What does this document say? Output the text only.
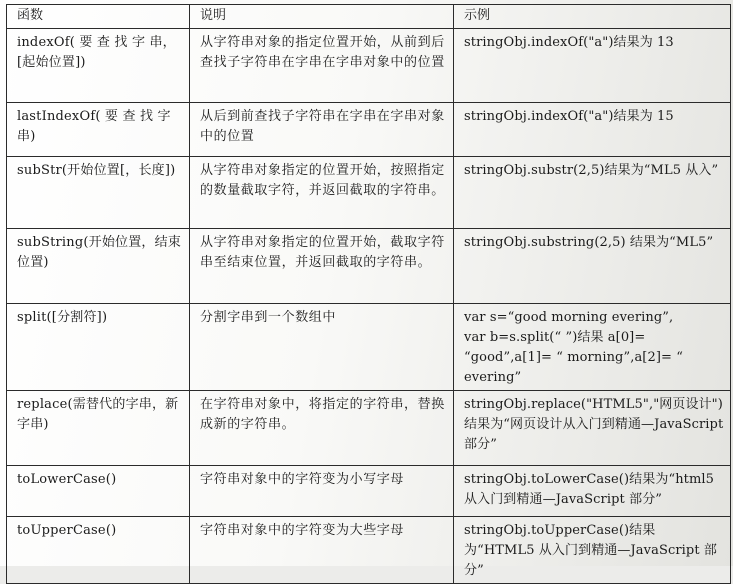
函数	说明	示例
indexOf( 要 查 找 字 串，[起始位置])	从字符串对象的指定位置开始，从前到后查找子字符串在字串在字串对象中的位置	stringObj.indexOf("a")结果为 13

lastIndexOf( 要 查 找 字串)	从后到前查找子字符串在字串在字串对象中的位置	stringObj.indexOf("a")结果为 15

subStr(开始位置[，长度])	从字符串对象指定的位置开始，按照指定的数量截取字符，并返回截取的字符串。	stringObj.substr(2,5)结果为“ML5 从入”

subString(开始位置，结束位置)	从字符串对象指定的位置开始，截取字符串至结束位置，并返回截取的字符串。	stringObj.substring(2,5) 结果为“ML5”

split([分割符])	分割字串到一个数组中	var s=“good morning evering”,
var b=s.split(“ ”)结果 a[0]= “good”,a[1]= “ morning”,a[2]= “ evering”

replace(需替代的字串，新字串)	在字符串对象中，将指定的字符串，替换成新的字符串。	stringObj.replace("HTML5","网页设计") 结果为“网页设计从入门到精通—JavaScript 部分”

toLowerCase()	字符串对象中的字符变为小写字母	stringObj.toLowerCase()结果为“html5 从入门到精通—JavaScript 部分”

toUpperCase()	字符串对象中的字符变为大些字母	stringObj.toUpperCase()结果为“HTML5 从入门到精通—JavaScript 部分”
